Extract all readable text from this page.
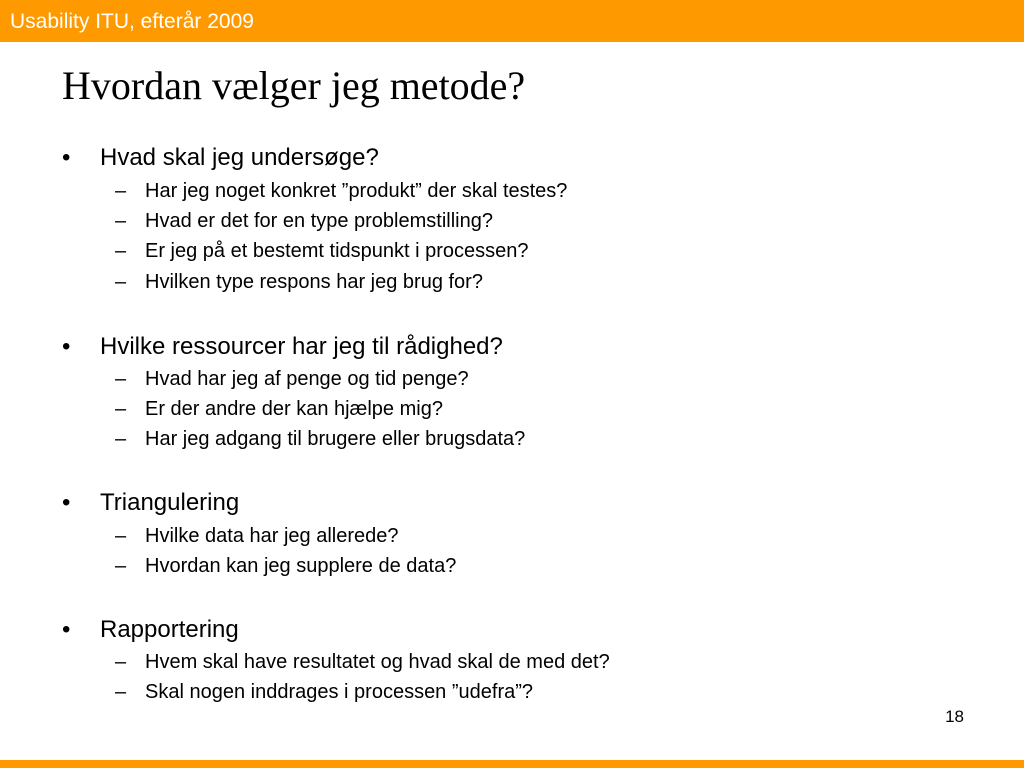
Usability ITU, efterår 2009
Hvordan vælger jeg metode?
• Hvad skal jeg undersøge?
– Har jeg noget konkret ”produkt” der skal testes?
– Hvad er det for en type problemstilling?
– Er jeg på et bestemt tidspunkt i processen?
– Hvilken type respons har jeg brug for?
• Hvilke ressourcer har jeg til rådighed?
– Hvad har jeg af penge og tid penge?
– Er der andre der kan hjælpe mig?
– Har jeg adgang til brugere eller brugsdata?
• Triangulering
– Hvilke data har jeg allerede?
– Hvordan kan jeg supplere de data?
• Rapportering
– Hvem skal have resultatet og hvad skal de med det?
– Skal nogen inddrages i processen ”udefra”?
18
